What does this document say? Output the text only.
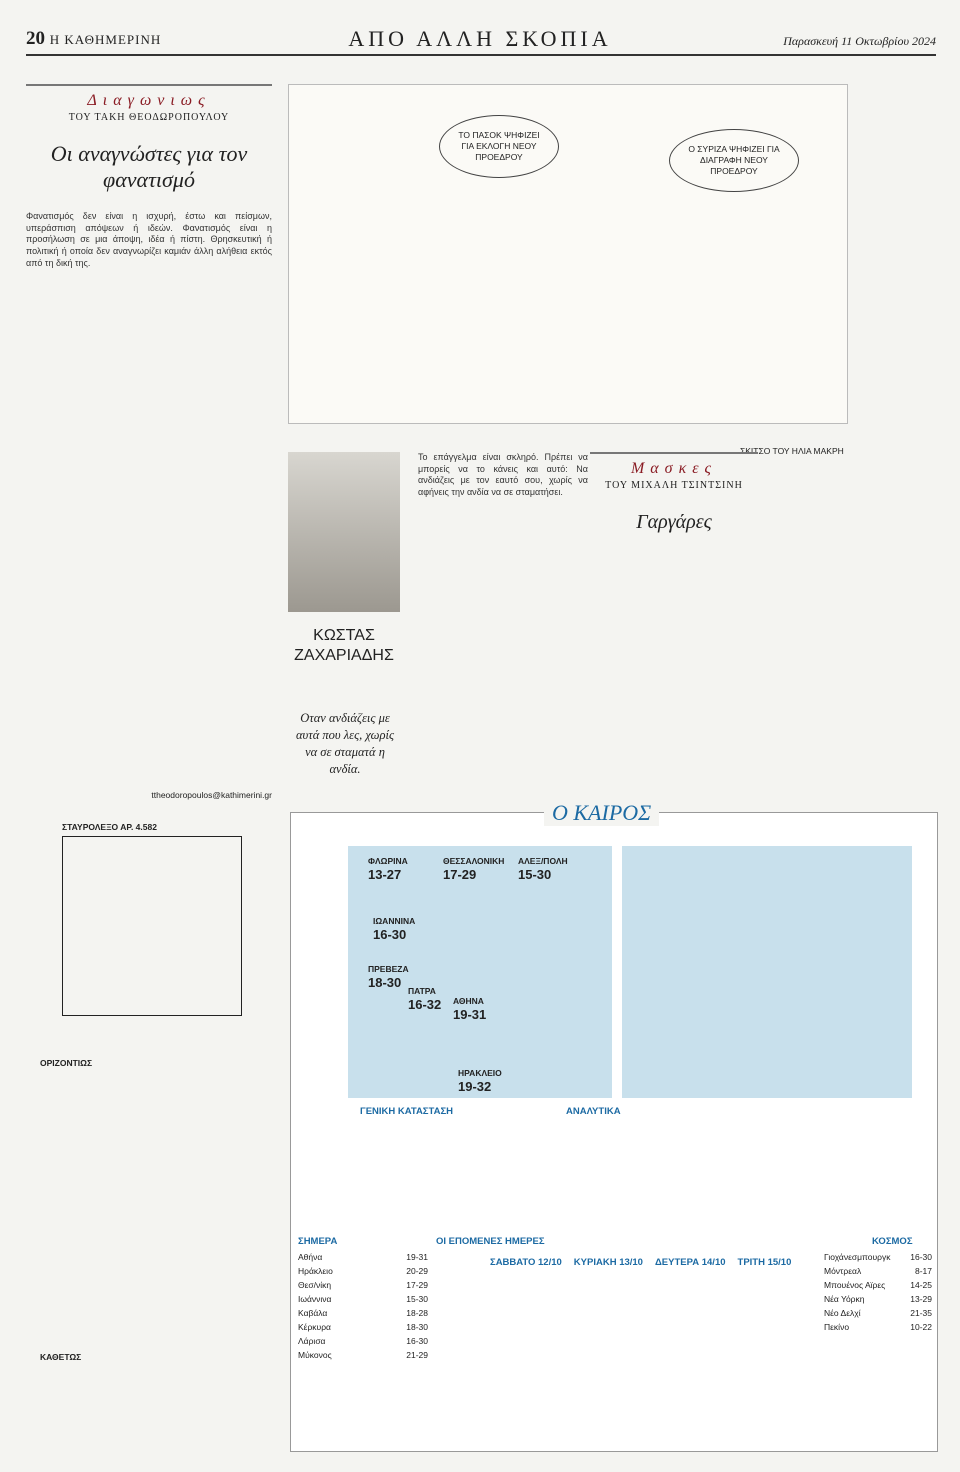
20 Η ΚΑΘΗΜΕΡΙΝΗ	ΑΠΟ ΑΛΛΗ ΣΚΟΠΙΑ	Παρασκευή 11 Οκτωβρίου 2024
Διαγωνιως
ΤΟΥ ΤΑΚΗ ΘΕΟΔΩΡΟΠΟΥΛΟΥ
Οι αναγνώστες για τον φανατισμό

Φανατισμός δεν είναι η ισχυρή, έστω και πείσμων, υπεράσπιση απόψεων ή ιδεών. Φανατισμός είναι η προσήλωση σε μια άποψη, ιδέα ή πίστη. Θρησκευτική ή πολιτική ή οποία δεν αναγνωρίζει καμιάν άλλη αλήθεια εκτός από τη δική της.

ttheodoropoulos@kathimerini.gr

ΤΟ ΠΑΣΟΚ ΨΗΦΙΖΕΙ ΓΙΑ ΕΚΛΟΓΗ ΝΕΟΥ ΠΡΟΕΔΡΟΥ
Ο ΣΥΡΙΖΑ ΨΗΦΙΖΕΙ ΓΙΑ ΔΙΑΓΡΑΦΗ ΝΕΟΥ ΠΡΟΕΔΡΟΥ
ΣΚΙΤΣΟ ΤΟΥ ΗΛΙΑ ΜΑΚΡΗ
ΚΩΣΤΑΣ ΖΑΧΑΡΙΑΔΗΣ
Οταν ανδιάζεις με αυτά που λες, χωρίς να σε σταματά η ανδία.

Το επάγγελμα είναι σκληρό. Πρέπει να μπορείς να το κάνεις και αυτό: Να ανδιάζεις με τον εαυτό σου, χωρίς να αφήνεις την ανδία να σε σταματήσει.

Μασκες
ΤΟΥ ΜΙΧΑΛΗ ΤΣΙΝΤΣΙΝΗ
Γαργάρες
ΣΤΑΥΡΟΛΕΞΟ ΑΡ. 4.582
ΟΡΙΖΟΝΤΙΩΣ
ΚΑΘΕΤΩΣ
Ο ΚΑΙΡΟΣ
ΓΕΝΙΚΗ ΚΑΤΑΣΤΑΣΗ	ΑΝΑΛΥΤΙΚΑ
ΣΗΜΕΡΑ	ΟΙ ΕΠΟΜΕΝΕΣ ΗΜΕΡΕΣ	ΚΟΣΜΟΣ
ΣΑΒΒΑΤΟ 12/10 ΚΥΡΙΑΚΗ 13/10 ΔΕΥΤΕΡΑ 14/10 ΤΡΙΤΗ 15/10
Αθήνα	19-31
Ηράκλειο	20-29
Θεσ/νίκη	17-29
Ιωάννινα	15-30
Καβάλα	18-28
Κέρκυρα	18-30
Λάρισα	16-30
Μύκονος	21-29
Γιοχάνεσμπουργκ 16-30
Μόντρεαλ	8-17
Μπουένος Αϊρες	14-25
Νέα Υόρκη	13-29
Νέο Δελχί	21-35
Πεκίνο	10-22
ΦΛΩΡΙΝΑ
13-27
ΘΕΣΣΑΛΟΝΙΚΗ
17-29
ΑΛΕΞ/ΠΟΛΗ
15-30
ΙΩΑΝΝΙΝΑ
16-30
ΠΡΕΒΕΖΑ
18-30
ΠΑΤΡΑ
16-32 ΑΘΗΝΑ
19-31
ΗΡΑΚΛΕΙΟ
19-32
